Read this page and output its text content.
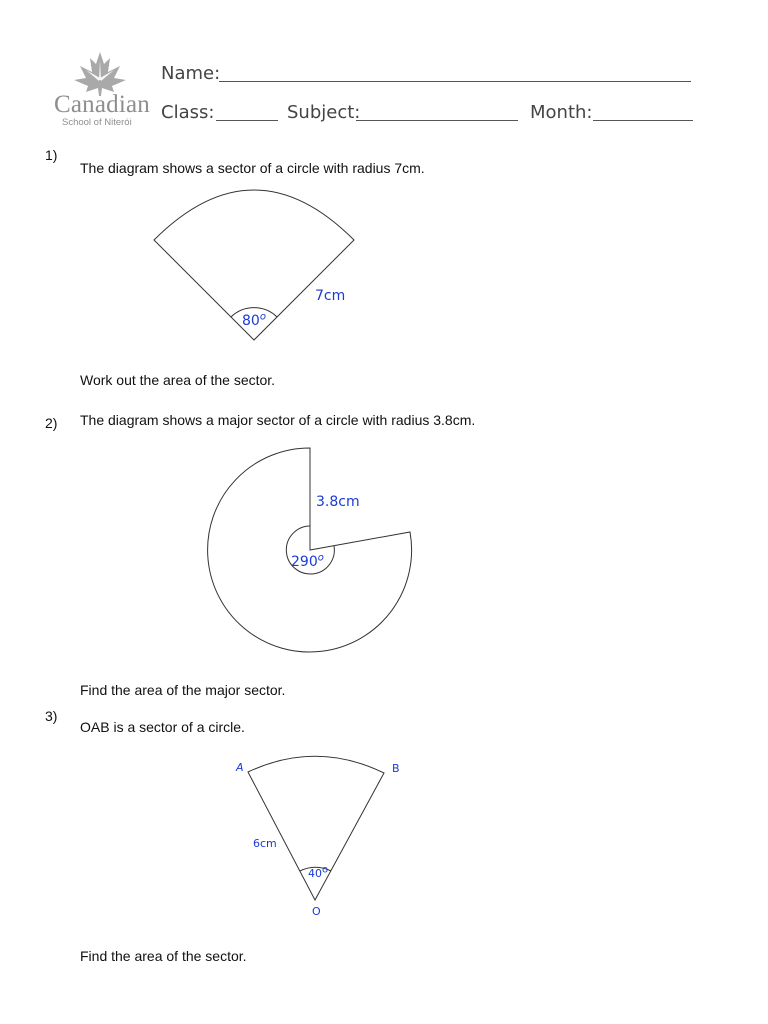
Canadian
School of Niterói
Name:
Class:	Subject:	Month:
1)
The diagram shows a sector of a circle with radius 7cm.
7cm
80$^o$
Work out the area of the sector.
2) The diagram shows a major sector of a circle with radius 3.8cm.
3.8cm
290$^o$
Find the area of the major sector.
3)
OAB is a sector of a circle.
A	B
6cm
40o
O
Find the area of the sector.
